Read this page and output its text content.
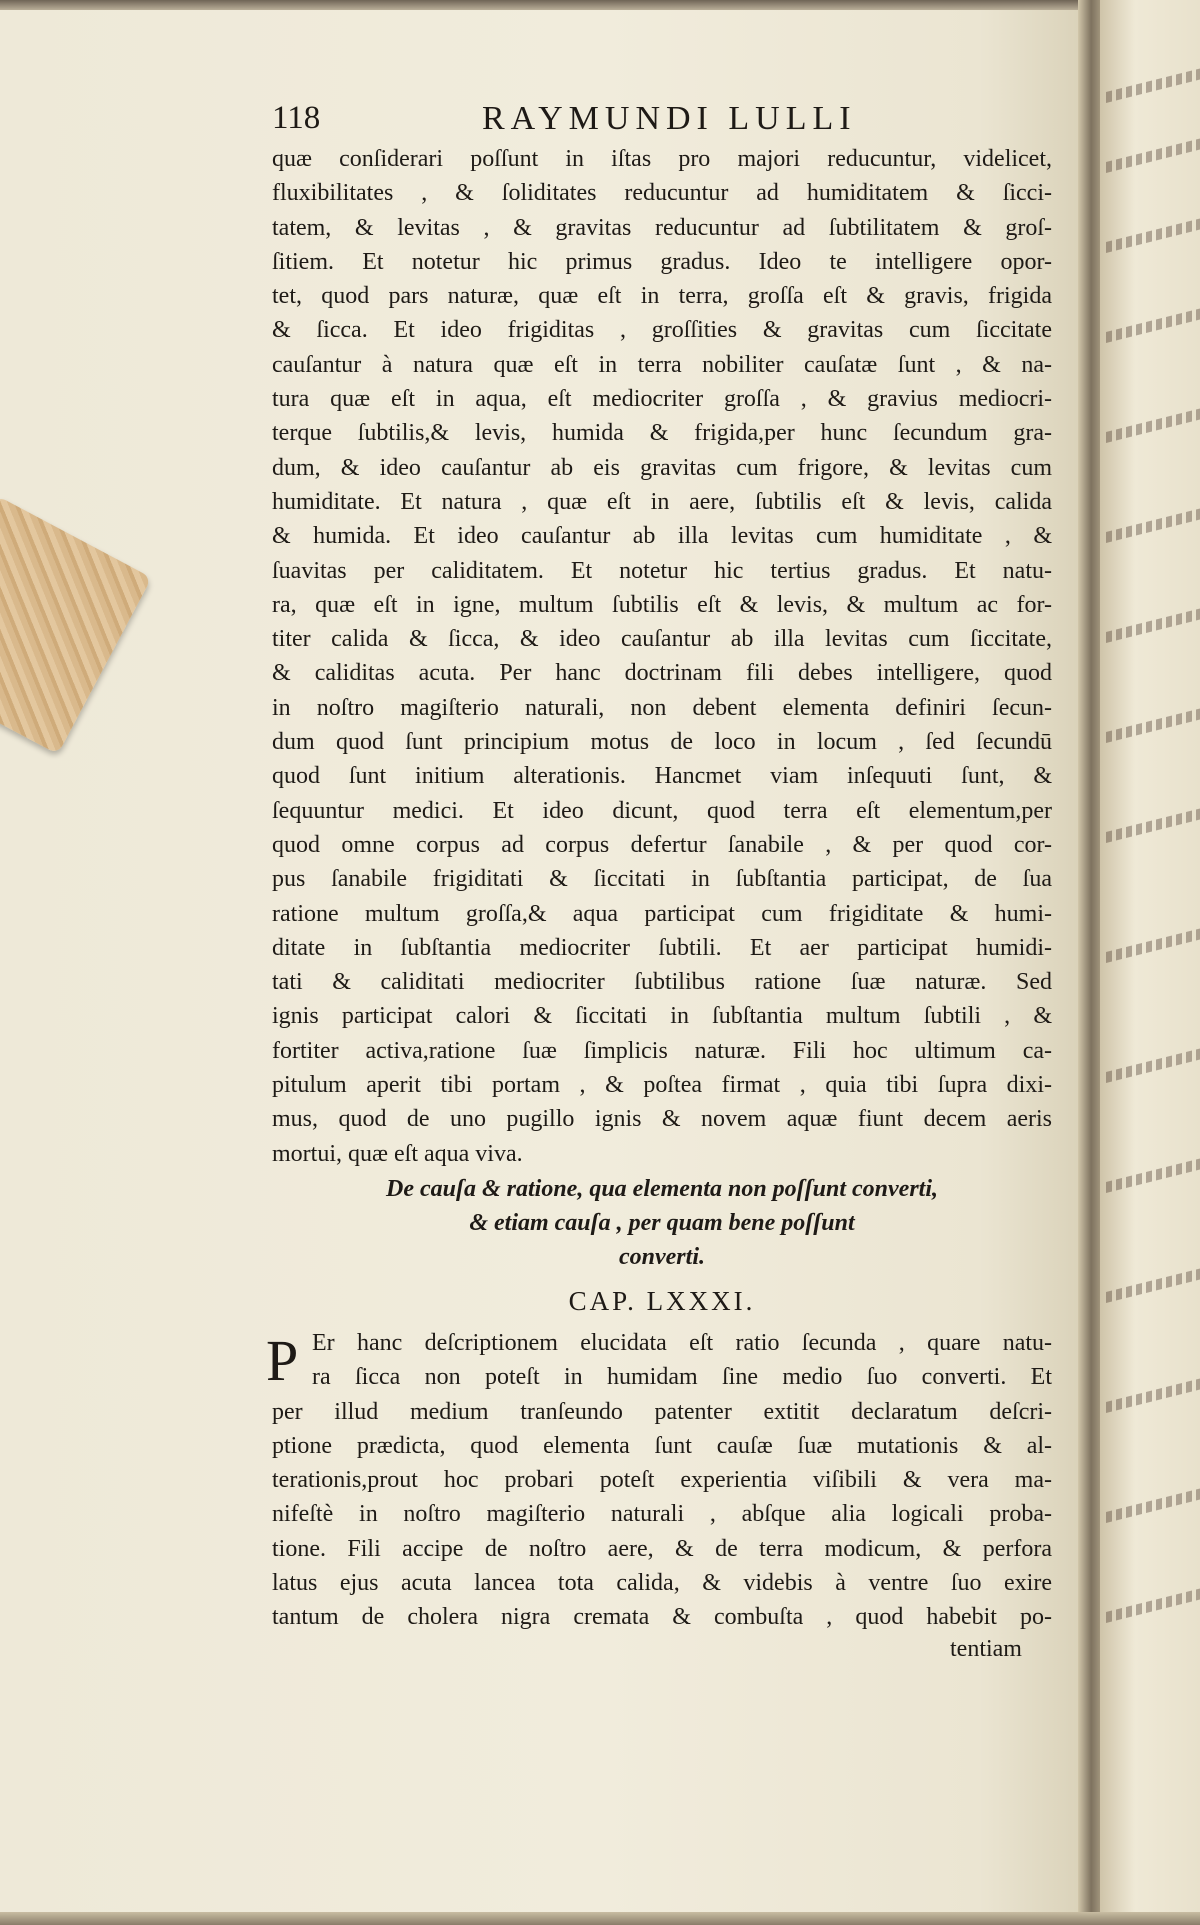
118	RAYMUNDI LULLI
quæ conſiderari poſſunt in iſtas pro majori reducuntur, videlicet,
fluxibilitates , & ſoliditates reducuntur ad humiditatem & ſicci-
tatem, & levitas , & gravitas reducuntur ad ſubtilitatem & groſ-
ſitiem. Et notetur hic primus gradus. Ideo te intelligere opor-
tet, quod pars naturæ, quæ eſt in terra, groſſa eſt & gravis, frigida
& ſicca. Et ideo frigiditas , groſſities & gravitas cum ſiccitate
cauſantur à natura quæ eſt in terra nobiliter cauſatæ ſunt , & na-
tura quæ eſt in aqua, eſt mediocriter groſſa , & gravius mediocri-
terque ſubtilis,& levis, humida & frigida,per hunc ſecundum gra-
dum, & ideo cauſantur ab eis gravitas cum frigore, & levitas cum
humiditate. Et natura , quæ eſt in aere, ſubtilis eſt & levis, calida
& humida. Et ideo cauſantur ab illa levitas cum humiditate , &
ſuavitas per caliditatem. Et notetur hic tertius gradus. Et natu-
ra, quæ eſt in igne, multum ſubtilis eſt & levis, & multum ac for-
titer calida & ſicca, & ideo cauſantur ab illa levitas cum ſiccitate,
& caliditas acuta. Per hanc doctrinam fili debes intelligere, quod
in noſtro magiſterio naturali, non debent elementa definiri ſecun-
dum quod ſunt principium motus de loco in locum , ſed ſecundū
quod ſunt initium alterationis. Hancmet viam inſequuti ſunt, &
ſequuntur medici. Et ideo dicunt, quod terra eſt elementum,per
quod omne corpus ad corpus defertur ſanabile , & per quod cor-
pus ſanabile frigiditati & ſiccitati in ſubſtantia participat, de ſua
ratione multum groſſa,& aqua participat cum frigiditate & humi-
ditate in ſubſtantia mediocriter ſubtili. Et aer participat humidi-
tati & caliditati mediocriter ſubtilibus ratione ſuæ naturæ. Sed
ignis participat calori & ſiccitati in ſubſtantia multum ſubtili , &
fortiter activa,ratione ſuæ ſimplicis naturæ. Fili hoc ultimum ca-
pitulum aperit tibi portam , & poſtea firmat , quia tibi ſupra dixi-
mus, quod de uno pugillo ignis & novem aquæ fiunt decem aeris
mortui, quæ eſt aqua viva.
De cauſa & ratione, qua elementa non poſſunt converti,
& etiam cauſa , per quam bene poſſunt
converti.
CAP. LXXXI.
P Er hanc deſcriptionem elucidata eſt ratio ſecunda , quare natu-
ra ſicca non poteſt in humidam ſine medio ſuo converti. Et
per illud medium tranſeundo patenter extitit declaratum deſcri-
ptione prædicta, quod elementa ſunt cauſæ ſuæ mutationis & al-
terationis,prout hoc probari poteſt experientia viſibili & vera ma-
nifeſtè in noſtro magiſterio naturali , abſque alia logicali proba-
tione. Fili accipe de noſtro aere, & de terra modicum, & perfora
latus ejus acuta lancea tota calida, & videbis à ventre ſuo exire
tantum de cholera nigra cremata & combuſta , quod habebit po-
tentiam
